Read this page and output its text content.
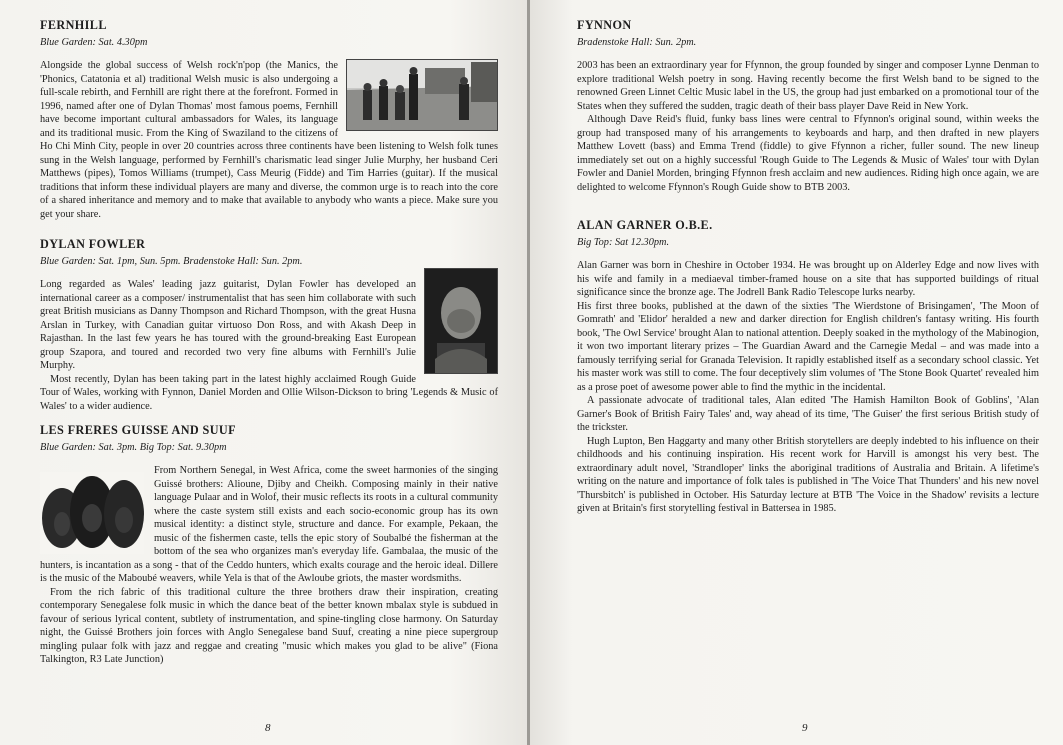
FERNHILL
Blue Garden: Sat. 4.30pm

Alongside the global success of Welsh rock'n'pop (the Manics, the 'Phonics, Catatonia et al) traditional Welsh music is also undergoing a full-scale rebirth, and Fernhill are right there at the forefront. Formed in 1996, named after one of Dylan Thomas' most famous poems, Fernhill have become important cultural ambassadors for Wales, its language and its traditional music. From the King of Swaziland to the citizens of Ho Chi Minh City, people in over 20 countries across three continents have been listening to Welsh folk tunes sung in the Welsh language, performed by Fernhill's charismatic lead singer Julie Murphy, her husband Ceri Matthews (pipes), Tomos Williams (trumpet), Cass Meurig (Fidde) and Tim Harries (guitar). If the musical traditions that inform these individual players are many and diverse, the common urge is to reach into the core of a shared inheritance and memory and to make that available to anybody who wants a piece. Make sure you get your share.

DYLAN FOWLER
Blue Garden: Sat. 1pm, Sun. 5pm. Bradenstoke Hall: Sun. 2pm.

Long regarded as Wales' leading jazz guitarist, Dylan Fowler has developed an international career as a composer/ instrumentalist that has seen him collaborate with such great British musicians as Danny Thompson and Richard Thompson, with the great Husna Arslan in Turkey, with Canadian guitar virtuoso Don Ross, and with Akash Deep in Rajasthan. In the last few years he has toured with the ground-breaking East European group Szapora, and toured and recorded two very fine albums with Fernhill's Julie Murphy.

Most recently, Dylan has been taking part in the latest highly acclaimed Rough Guide Tour of Wales, working with Fynnon, Daniel Morden and Ollie Wilson-Dickson to bring 'Legends & Music of Wales' to a wider audience.

LES FRERES GUISSE AND SUUF
Blue Garden: Sat. 3pm. Big Top: Sat. 9.30pm

From Northern Senegal, in West Africa, come the sweet harmonies of the singing Guissé brothers: Alioune, Djiby and Cheikh. Composing mainly in their native language Pulaar and in Wolof, their music reflects its roots in a cultural community where the caste system still exists and each socio-economic group has its own musical identity: a distinct style, structure and dance. For example, Pekaan, the music of the fishermen caste, tells the epic story of Soubalbé the fisherman at the bottom of the sea who organizes man's everyday life. Gambalaa, the music of the hunters, is incantation as a song - that of the Ceddo hunters, which exalts courage and the heroic ideal. Dillere is the music of the Maboubé weavers, while Yela is that of the Awloube griots, the master wordsmiths.

From the rich fabric of this traditional culture the three brothers draw their inspiration, creating contemporary Senegalese folk music in which the dance beat of the better known mbalax style is subdued in favour of serious lyrical content, subtlety of instrumentation, and spine-tingling close harmony. On Saturday night, the Guissé Brothers join forces with Anglo Senegalese band Suuf, creating a nine piece supergroup mingling pulaar folk with jazz and reggae and creating "music which makes you glad to be alive" (Fiona Talkington, R3 Late Junction)

8
FYNNON
Bradenstoke Hall: Sun. 2pm.

2003 has been an extraordinary year for Ffynnon, the group founded by singer and composer Lynne Denman to explore traditional Welsh poetry in song. Having recently become the first Welsh band to be signed to the renowned Green Linnet Celtic Music label in the US, the group had just embarked on a promotional tour of the States when they suffered the sudden, tragic death of their bass player Dave Reid in New York.

Although Dave Reid's fluid, funky bass lines were central to Ffynnon's original sound, within weeks the group had transposed many of his arrangements to keyboards and harp, and then drafted in new players Matthew Lovett (bass) and Emma Trend (fiddle) to give Ffynnon a richer, fuller sound. The new lineup immediately set out on a highly successful 'Rough Guide to The Legends & Music of Wales' tour with Dylan Fowler and Daniel Morden, bringing Ffynnon fresh acclaim and new audiences. Riding high once again, we are delighted to welcome Ffynnon's Rough Guide show to BTB 2003.

ALAN GARNER O.B.E.
Big Top: Sat 12.30pm.

Alan Garner was born in Cheshire in October 1934. He was brought up on Alderley Edge and now lives with his wife and family in a mediaeval timber-framed house on a site that has supported buildings of ritual significance since the bronze age. The Jodrell Bank Radio Telescope lurks nearby.

His first three books, published at the dawn of the sixties 'The Wierdstone of Brisingamen', 'The Moon of Gomrath' and 'Elidor' heralded a new and darker direction for English children's fantasy writing. His fourth book, 'The Owl Service' brought Alan to national attention. Deeply soaked in the mythology of the Mabinogion, it won two important literary prizes – The Guardian Award and the Carnegie Medal – and was made into a famously terrifying serial for Granada Television. It rapidly established itself as a secondary school classic. Yet his master work was still to come. The four deceptively slim volumes of 'The Stone Book Quartet' revealed him as a prose poet of awesome power able to find the mythic in the incidental.

A passionate advocate of traditional tales, Alan edited 'The Hamish Hamilton Book of Goblins', 'Alan Garner's Book of British Fairy Tales' and, way ahead of its time, 'The Guiser' the first serious British study of the trickster.

Hugh Lupton, Ben Haggarty and many other British storytellers are deeply indebted to his influence on their childhoods and his continuing inspiration. His recent work for Harvill is amongst his very best. The extraordinary adult novel, 'Strandloper' links the aboriginal traditions of Australia and Britain. A lifetime's writing on the nature and importance of folk tales is published in 'The Voice That Thunders' and his new novel 'Thursbitch' is published in October. His Saturday lecture at BTB 'The Voice in the Shadow' revisits a lecture given at Britain's first storytelling festival in Battersea in 1985.

9
